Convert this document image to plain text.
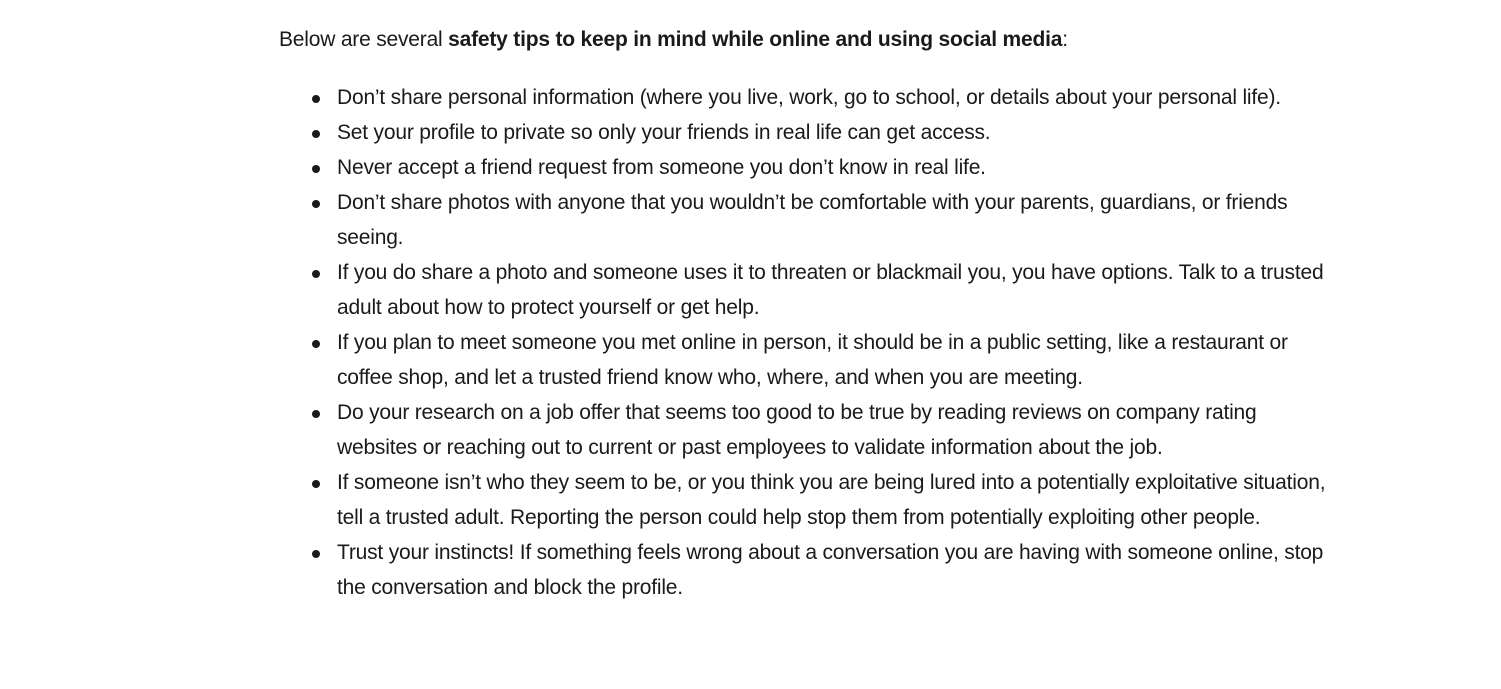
Below are several safety tips to keep in mind while online and using social media:

Don’t share personal information (where you live, work, go to school, or details about your personal life).
Set your profile to private so only your friends in real life can get access.
Never accept a friend request from someone you don’t know in real life.
Don’t share photos with anyone that you wouldn’t be comfortable with your parents, guardians, or friends seeing.
If you do share a photo and someone uses it to threaten or blackmail you, you have options. Talk to a trusted adult about how to protect yourself or get help.
If you plan to meet someone you met online in person, it should be in a public setting, like a restaurant or coffee shop, and let a trusted friend know who, where, and when you are meeting.
Do your research on a job offer that seems too good to be true by reading reviews on company rating websites or reaching out to current or past employees to validate information about the job.
If someone isn’t who they seem to be, or you think you are being lured into a potentially exploitative situation, tell a trusted adult. Reporting the person could help stop them from potentially exploiting other people.
Trust your instincts! If something feels wrong about a conversation you are having with someone online, stop the conversation and block the profile.
